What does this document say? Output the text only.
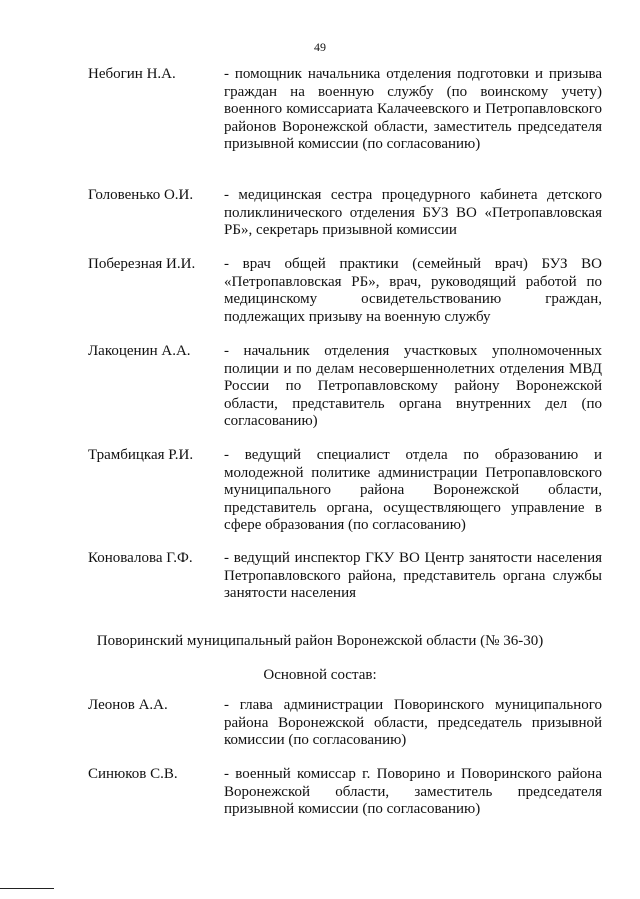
49
Небогин Н.А.	- помощник начальника отделения подготовки и призыва граждан на военную службу (по воинскому учету) военного комиссариата Калачеевского и Петропавловского районов Воронежской области, заместитель председателя призывной комиссии (по согласованию)
Головенько О.И. - медицинская сестра процедурного кабинета детского поликлинического отделения БУЗ ВО «Петропавловская РБ», секретарь призывной комиссии
Поберезная И.И. - врач общей практики (семейный врач) БУЗ ВО «Петропавловская РБ», врач, руководящий работой по медицинскому освидетельствованию граждан, подлежащих призыву на военную службу
Лакоценин А.А. - начальник отделения участковых уполномоченных полиции и по делам несовершеннолетних отделения МВД России по Петропавловскому району Воронежской области, представитель органа внутренних дел (по согласованию)
Трамбицкая Р.И. - ведущий специалист отдела по образованию и молодежной политике администрации Петропавловского муниципального района Воронежской области, представитель органа, осуществляющего управление в сфере образования (по согласованию)
Коновалова Г.Ф. - ведущий инспектор ГКУ ВО Центр занятости населения Петропавловского района, представитель органа службы занятости населения
Поворинский муниципальный район Воронежской области (№ 36-30)
Основной состав:
Леонов А.А.	- глава администрации Поворинского муниципального района Воронежской области, председатель призывной комиссии (по согласованию)
Синюков С.В.	- военный комиссар г. Поворино и Поворинского района Воронежской области, заместитель председателя призывной комиссии (по согласованию)
